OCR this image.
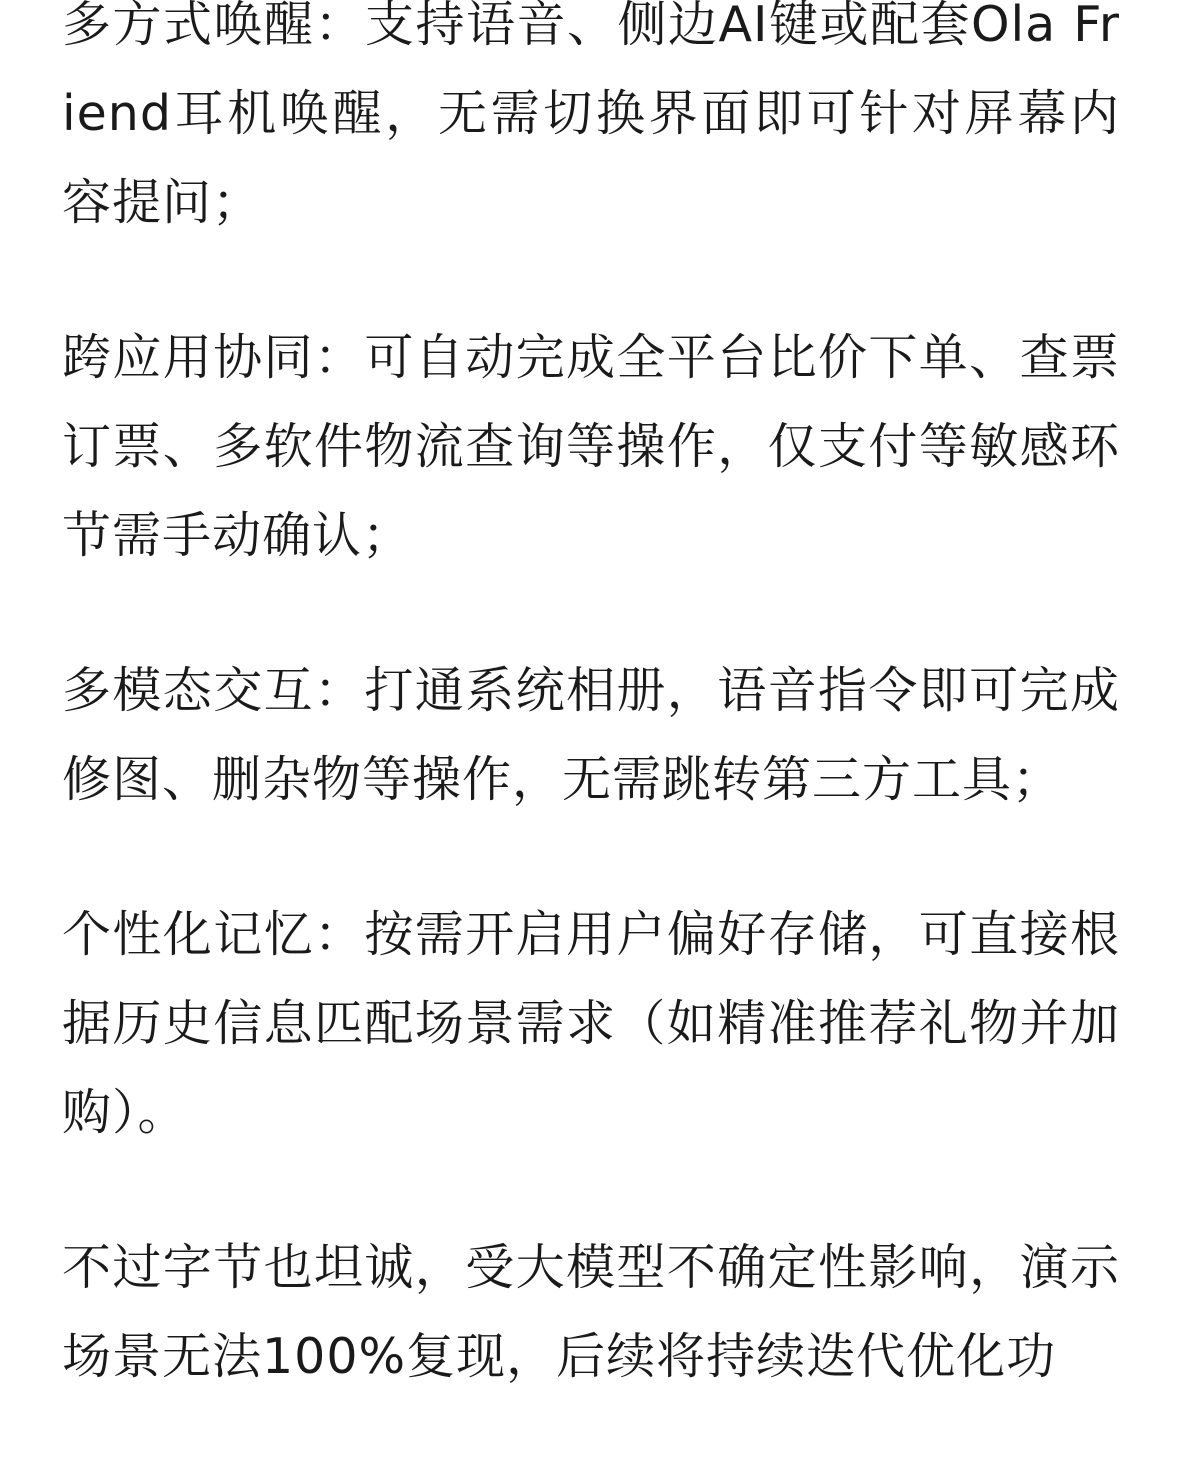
多方式唤醒：支持语音、侧边AI键或配套Ola Friend耳机唤醒，无需切换界面即可针对屏幕内容提问；

跨应用协同：可自动完成全平台比价下单、查票订票、多软件物流查询等操作，仅支付等敏感环节需手动确认；

多模态交互：打通系统相册，语音指令即可完成修图、删杂物等操作，无需跳转第三方工具；

个性化记忆：按需开启用户偏好存储，可直接根据历史信息匹配场景需求（如精准推荐礼物并加购）。

不过字节也坦诚，受大模型不确定性影响，演示场景无法100%复现，后续将持续迭代优化功
